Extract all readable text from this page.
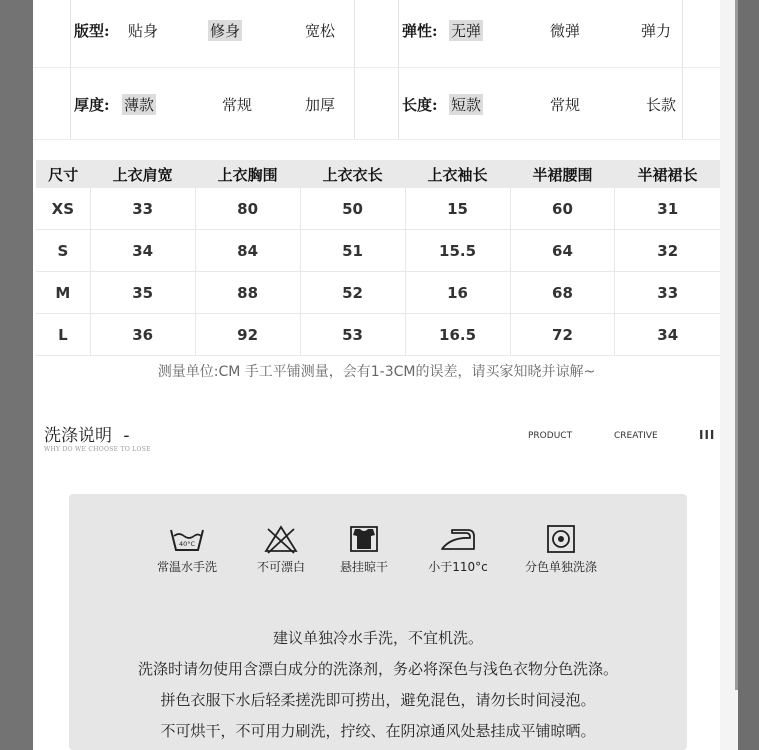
版型: 贴身	修身	宽松	弹性: 无弹	微弹	弹力
厚度: 薄款	常规	加厚	长度: 短款	常规	长款
尺寸	上衣肩宽	上衣胸围	上衣衣长	上衣袖长	半裙腰围	半裙裙长
XS	33	80	50	15	60	31
S	34	84	51	15.5	64	32
M	35	88	52	16	68	33
L	36	92	53	16.5	72	34
测量单位:CM 手工平铺测量，会有1-3CM的误差，请买家知晓并谅解~
洗涤说明 -
WHY DO WE CHOOSE TO LOSE
PRODUCT	CREATIVE	III
40°C
常温水手洗	不可漂白	悬挂晾干	小于110°c	分色单独洗涤
建议单独冷水手洗，不宜机洗。
洗涤时请勿使用含漂白成分的洗涤剂，务必将深色与浅色衣物分色洗涤。
拼色衣服下水后轻柔搓洗即可捞出，避免混色，请勿长时间浸泡。
不可烘干，不可用力刷洗，拧绞、在阴凉通风处悬挂成平铺晾晒。
